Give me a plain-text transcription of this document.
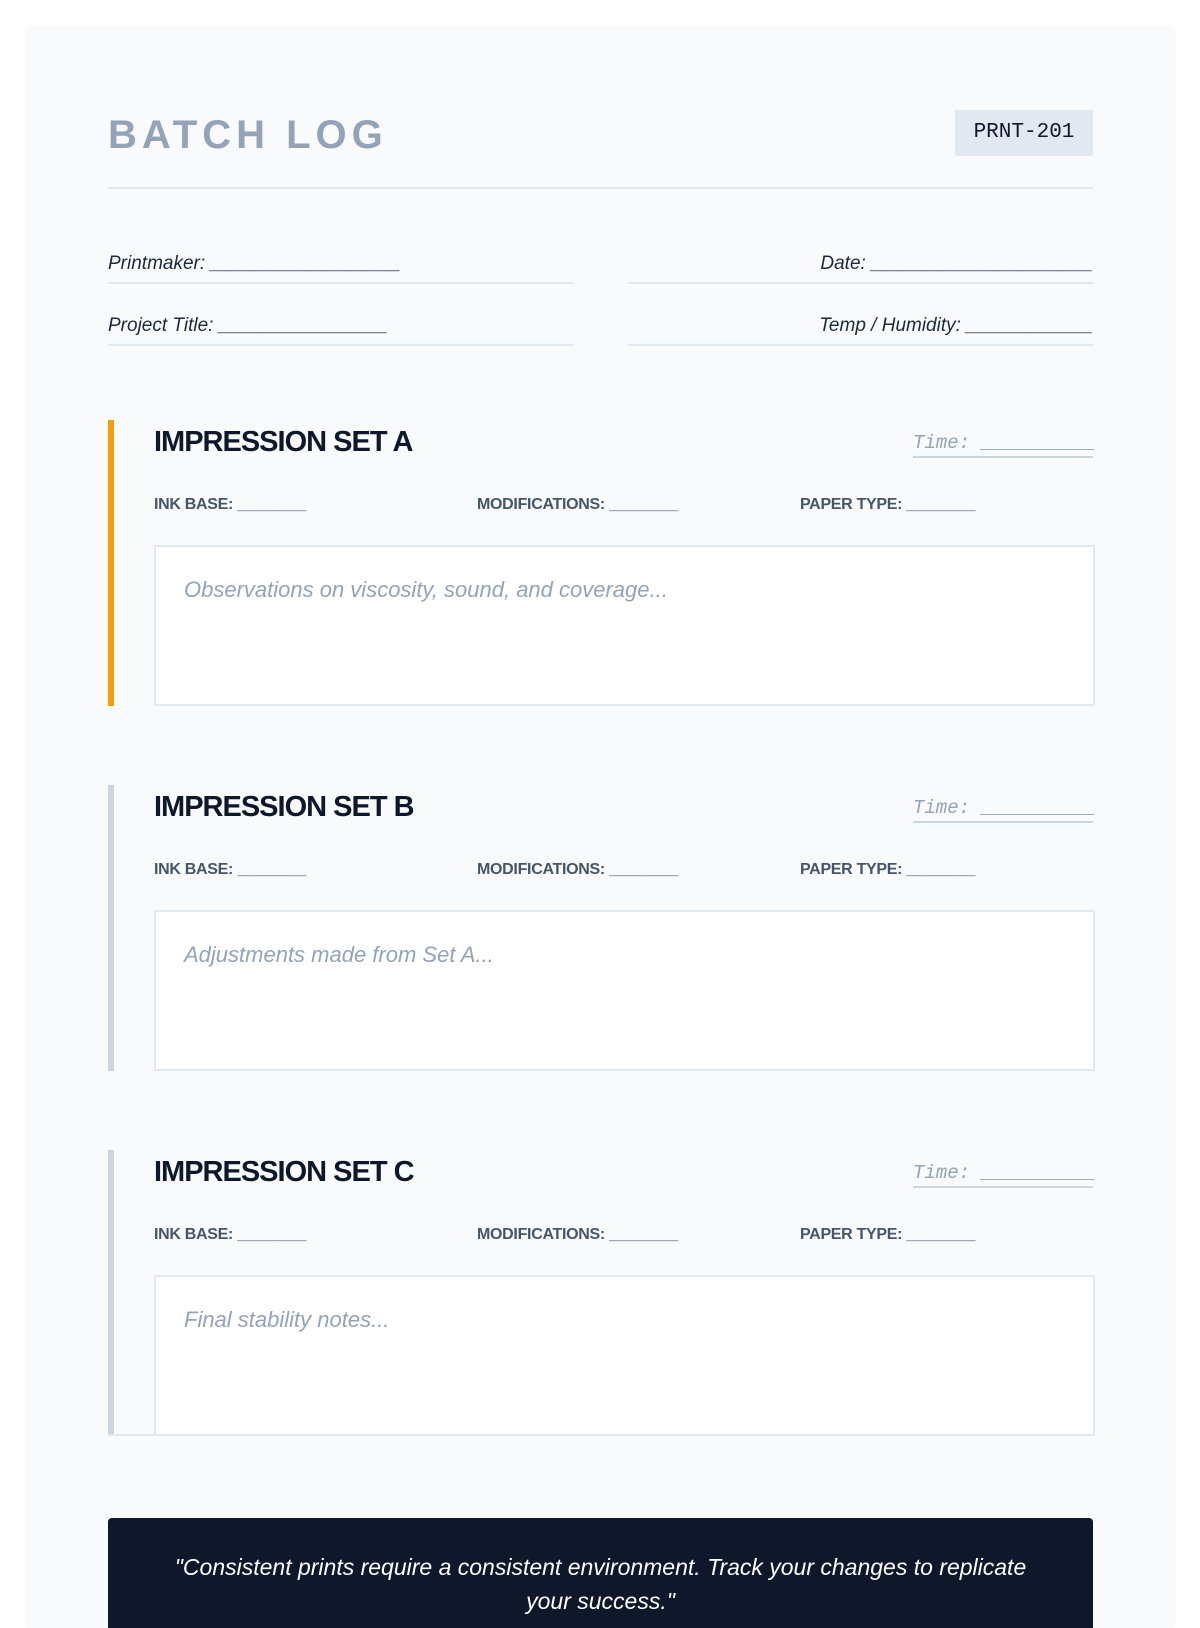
BATCH LOG	PRNT-201
Printmaker: __________________	Date: _____________________
Project Title: ________________	Temp / Humidity: ____________
IMPRESSION SET A	Time: __________
INK BASE: ________	MODIFICATIONS: ________	PAPER TYPE: ________
Observations on viscosity, sound, and coverage...
IMPRESSION SET B	Time: __________
INK BASE: ________	MODIFICATIONS: ________	PAPER TYPE: ________
Adjustments made from Set A...
IMPRESSION SET C	Time: __________
INK BASE: ________	MODIFICATIONS: ________	PAPER TYPE: ________
Final stability notes...
"Consistent prints require a consistent environment. Track your changes to replicate your success."
